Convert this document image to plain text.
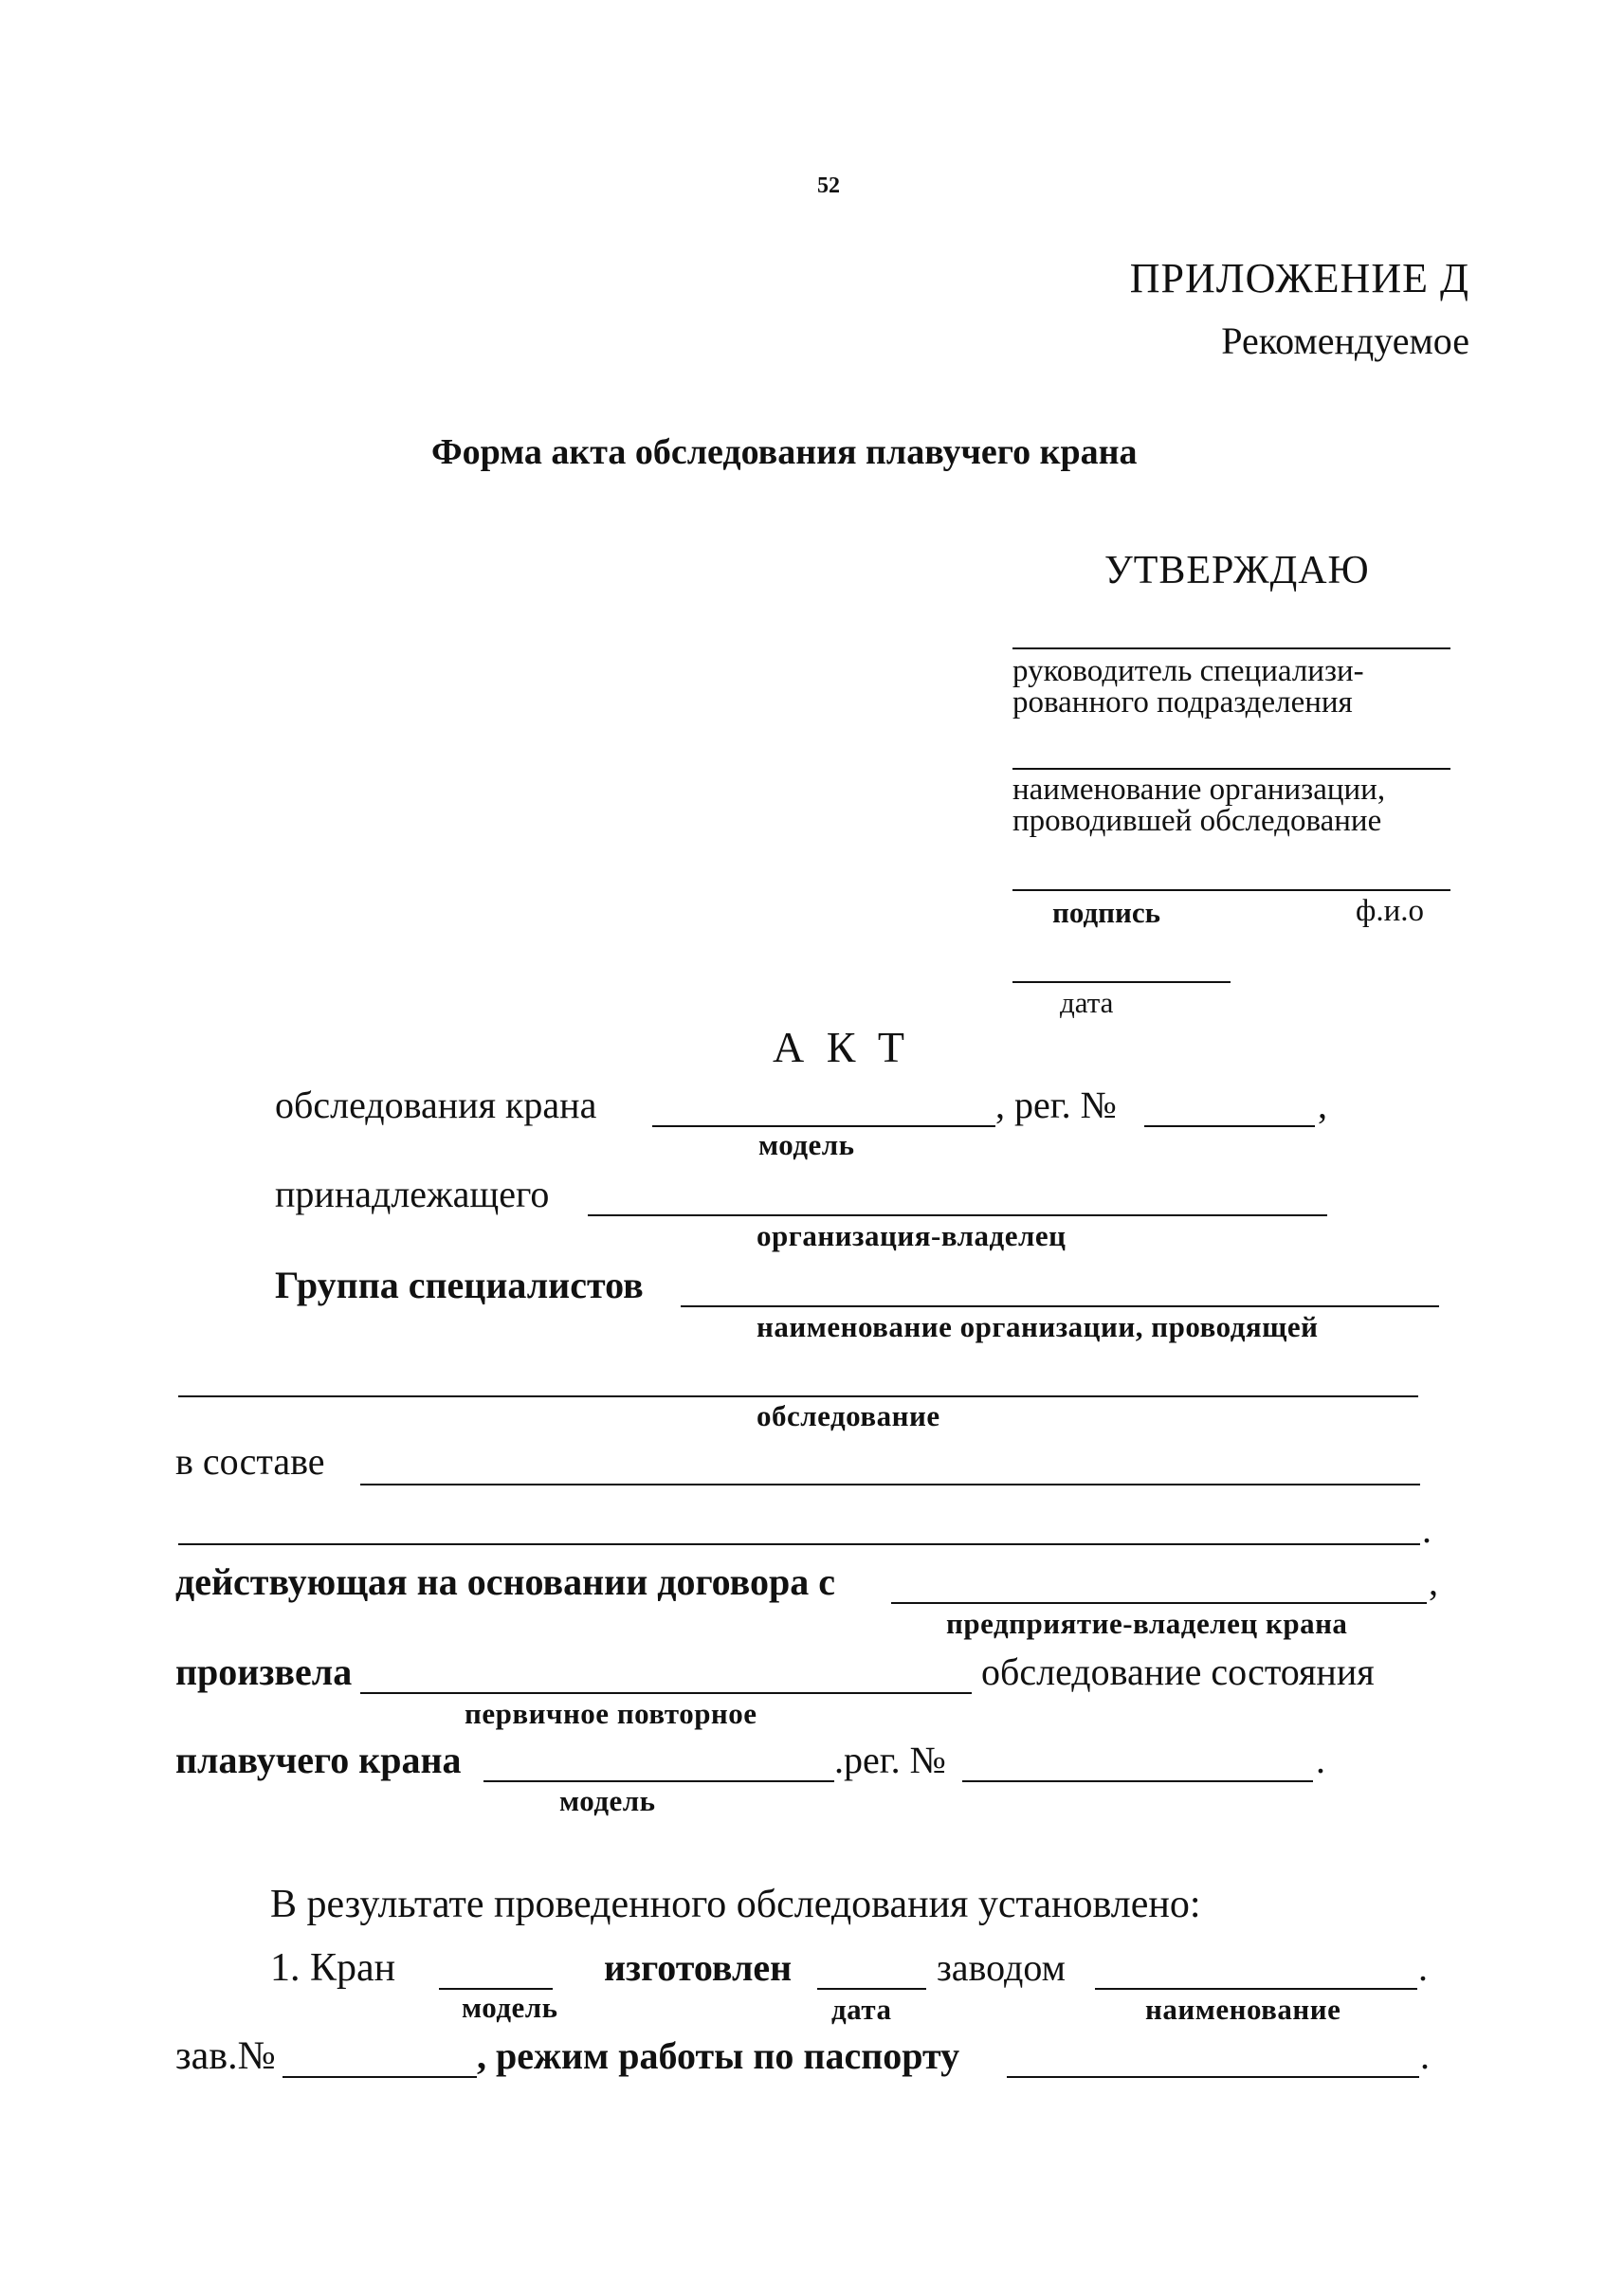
52
ПРИЛОЖЕНИЕ Д
Рекомендуемое
Форма акта обследования плавучего крана
УТВЕРЖДАЮ
руководитель специализи-
рованного подразделения
наименование организации,
проводившей обследование
подпись	ф.и.о
дата
А К Т
обследования крана	, рег. №	,
модель
принадлежащего
организация-владелец
Группа специалистов
наименование организации, проводящей
обследование
в составе
.
действующая на основании договора с	,
предприятие-владелец крана
произвела	обследование состояния
первичное повторное
плавучего крана	.рег. №	.
модель
В результате проведенного обследования установлено:
1. Кран	изготовлен	заводом	.
модель	дата	наименование
зав.№	, режим работы по паспорту	.
